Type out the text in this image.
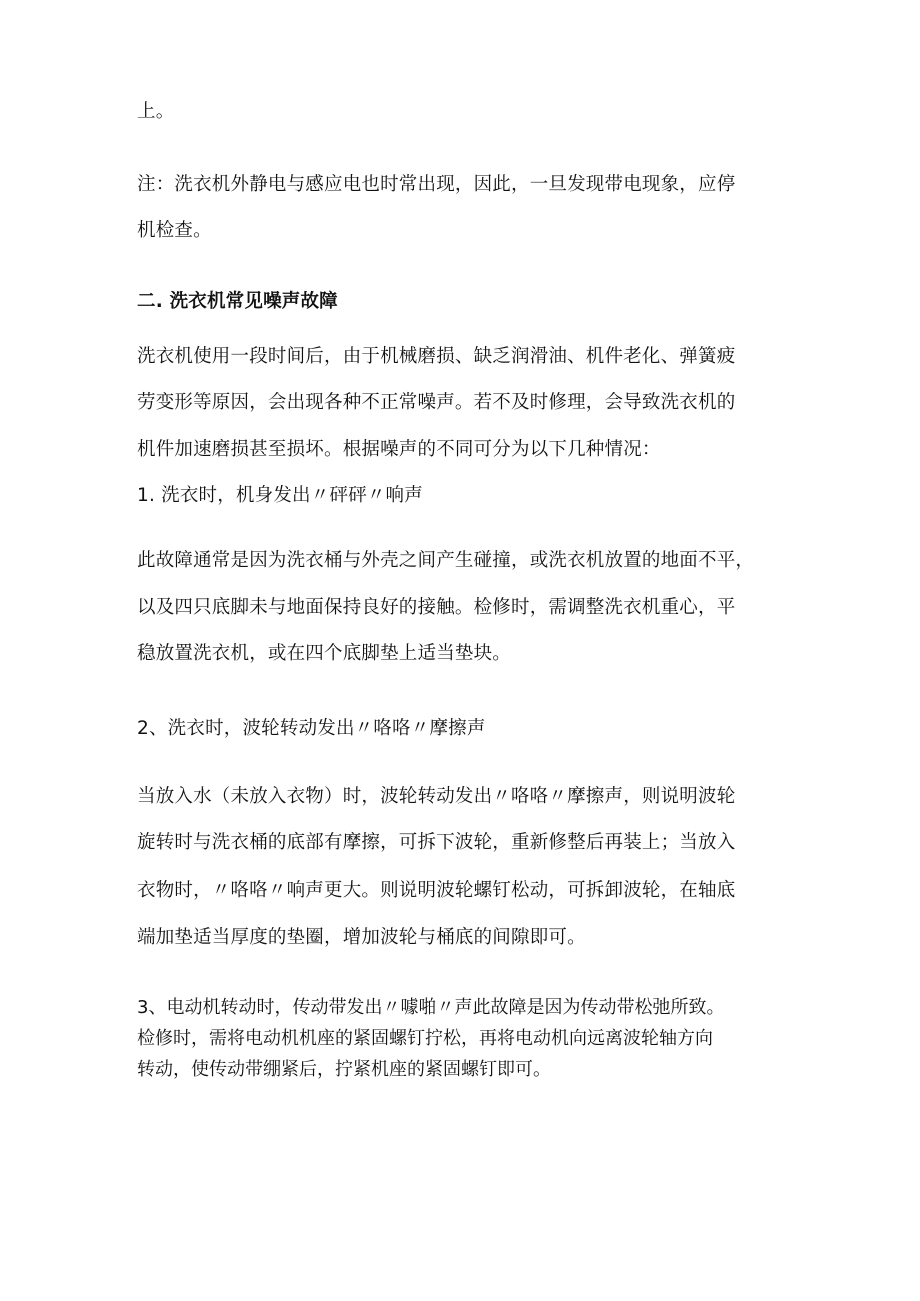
上。
注：洗衣机外静电与感应电也时常出现，因此，一旦发现带电现象，应停
机检查。
二. 洗衣机常见噪声故障
洗衣机使用一段时间后，由于机械磨损、缺乏润滑油、机件老化、弹簧疲
劳变形等原因，会出现各种不正常噪声。若不及时修理，会导致洗衣机的
机件加速磨损甚至损坏。根据噪声的不同可分为以下几种情况：
1. 洗衣时，机身发出〃砰砰〃响声
此故障通常是因为洗衣桶与外壳之间产生碰撞，或洗衣机放置的地面不平，
以及四只底脚未与地面保持良好的接触。检修时，需调整洗衣机重心，平
稳放置洗衣机，或在四个底脚垫上适当垫块。
2、洗衣时，波轮转动发出〃咯咯〃摩擦声
当放入水（未放入衣物）时，波轮转动发出〃咯咯〃摩擦声，则说明波轮
旋转时与洗衣桶的底部有摩擦，可拆下波轮，重新修整后再装上；当放入
衣物时，〃咯咯〃响声更大。则说明波轮螺钉松动，可拆卸波轮，在轴底
端加垫适当厚度的垫圈，增加波轮与桶底的间隙即可。
3、电动机转动时，传动带发出〃噱啪〃声此故障是因为传动带松弛所致。
检修时，需将电动机机座的紧固螺钉拧松，再将电动机向远离波轮轴方向
转动，使传动带绷紧后，拧紧机座的紧固螺钉即可。
